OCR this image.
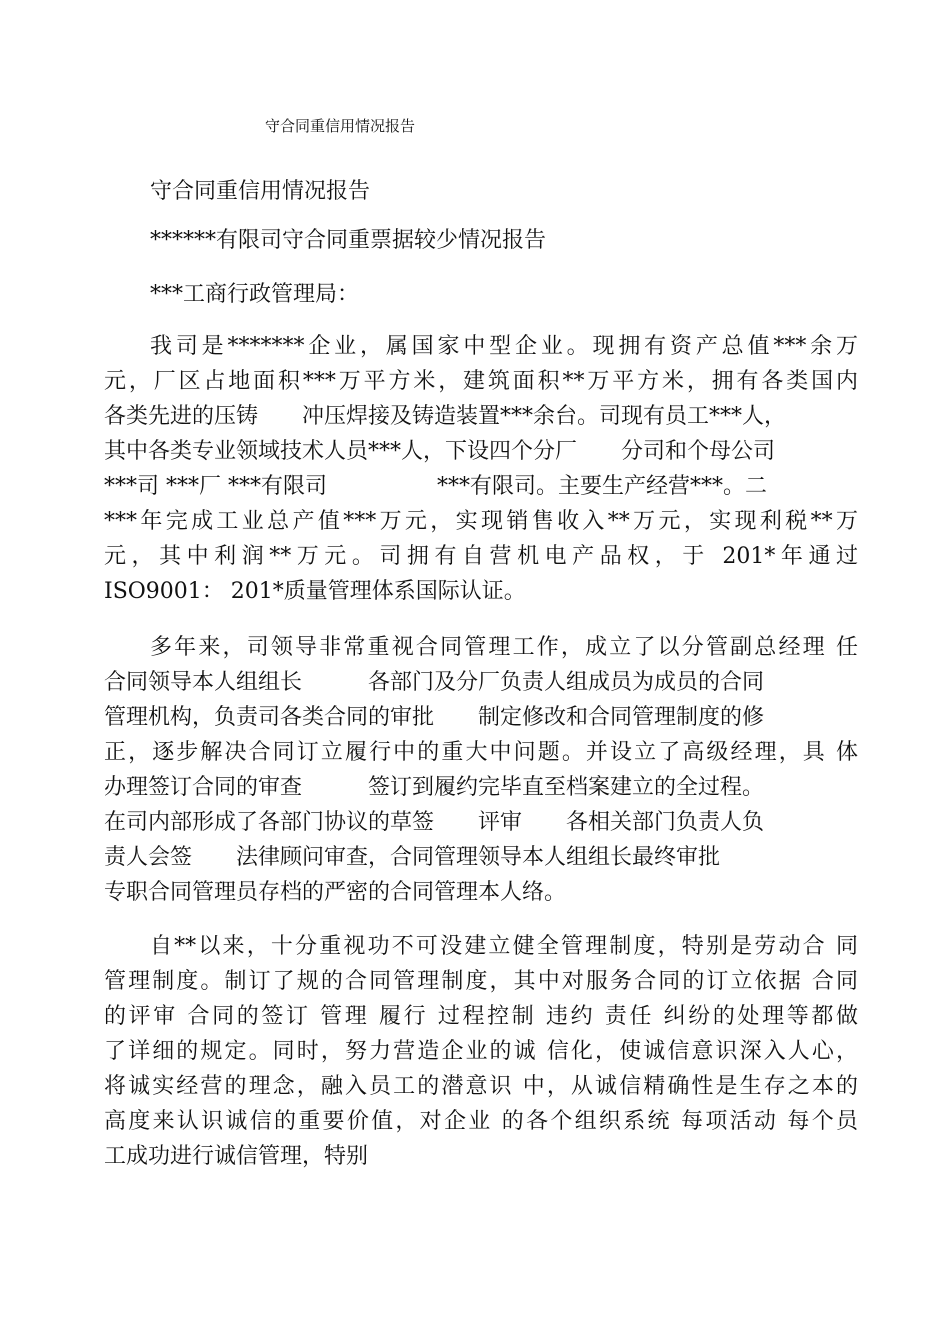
守合同重信用情况报告
守合同重信用情况报告
******有限司守合同重票据较少情况报告
***工商行政管理局：
我司是*******企业，属国家中型企业。现拥有资产总值***余万
元，厂区占地面积***万平方米，建筑面积**万平方米，拥有各类国内
各类先进的压铸　　冲压焊接及铸造装置***余台。司现有员工***人，
其中各类专业领域技术人员***人，下设四个分厂　　分司和个母公司
***司 ***厂 ***有限司　　　　　***有限司。主要生产经营***。二
***年完成工业总产值***万元，实现销售收入**万元，实现利税**万
元，其中利润**万元。司拥有自营机电产品权，于 201*年通过
ISO9001： 201*质量管理体系国际认证。
多年来，司领导非常重视合同管理工作，成立了以分管副总经理 任
合同领导本人组组长　　　各部门及分厂负责人组成员为成员的合同
管理机构，负责司各类合同的审批　　制定修改和合同管理制度的修
正，逐步解决合同订立履行中的重大中问题。并设立了高级经理，具 体
办理签订合同的审查　　　签订到履约完毕直至档案建立的全过程。
在司内部形成了各部门协议的草签　　评审　　各相关部门负责人负
责人会签　　法律顾问审查，合同管理领导本人组组长最终审批
专职合同管理员存档的严密的合同管理本人络。
自**以来，十分重视功不可没建立健全管理制度，特别是劳动合 同
管理制度。制订了规的合同管理制度，其中对服务合同的订立依据 合同
的评审 合同的签订 管理 履行 过程控制 违约 责任 纠纷的处理等都做
了详细的规定。同时，努力营造企业的诚 信化，使诚信意识深入人心，
将诚实经营的理念，融入员工的潜意识 中，从诚信精确性是生存之本的
高度来认识诚信的重要价值，对企业 的各个组织系统 每项活动 每个员
工成功进行诚信管理，特别
